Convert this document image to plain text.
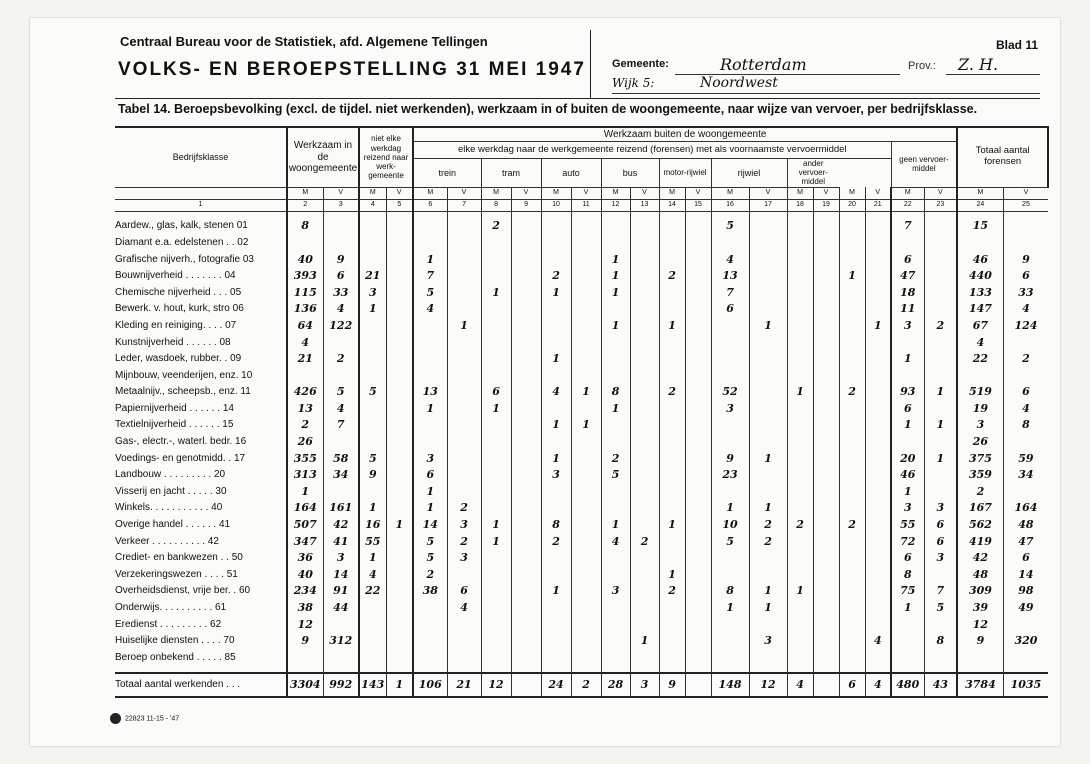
Centraal Bureau voor de Statistiek, afd. Algemene Tellingen
VOLKS- EN BEROEPSTELLING 31 MEI 1947
Blad 11
Gemeente:	Rotterdam	Prov.: Z. H.
Wijk 5:	Noordwest
Tabel 14. Beroepsbevolking (excl. de tijdel. niet werkenden), werkzaam in of buiten de woongemeente, naar wijze van vervoer, per bedrijfsklasse.
Bedrijfsklasse	Werkzaam in de woongemeente		niet elke werkdag reizend naar werk-gemeente		Werkzaam buiten de woongemeente																		Totaal aantal forensen	
					elke werkdag naar de werkgemeente reizend (forensen) met als voornaamste vervoermiddel																geen vervoer-middel				
					trein		tram		auto		bus		motor-rijwiel		rijwiel		ander vervoer-middel								
	M	V	M	V	M	V	M	V	M	V	M	V	M	V	M	V	M	V	M	V	M	V	M	V	
1	2	3	4	5	6	7	8	9	10	11	12	13	14	15	16	17	18	19	20	21	22	23	24	25	

Aardew., glas, kalk, stenen 01	8						2								5						7		15		
Diamant e.a. edelstenen . . 02																									
Grafische nijverh., fotografie 03	40	9			1						1				4						6		46	9	
Bouwnijverheid . . . . . . . 04	393	6	21		7				2		1		2		13				1		47		440	6	
Chemische nijverheid . . . 05	115	33	3		5		1		1		1				7						18		133	33	
Bewerk. v. hout, kurk, stro 06	136	4	1		4										6						11		147	4	
Kleding en reiniging. . . . 07	64	122				1					1		1			1				1	3	2	67	124	
Kunstnijverheid . . . . . . 08	4																						4		
Leder, wasdoek, rubber. . 09	21	2							1												1		22	2	
Mijnbouw, veenderijen, enz. 10																									
Metaalnijv., scheepsb., enz. 11	426	5	5		13		6		4	1	8		2		52		1		2		93	1	519	6	
Papiernijverheid . . . . . . 14	13	4			1		1				1				3						6		19	4	
Textielnijverheid . . . . . . 15	2	7							1	1											1	1	3	8	
Gas-, electr.-, waterl. bedr. 16	26																						26		
Voedings- en genotmidd. . 17	355	58	5		3				1		2				9	1					20	1	375	59	
Landbouw . . . . . . . . . 20	313	34	9		6				3		5				23						46		359	34	
Visserij en jacht . . . . . 30	1				1																1		2		
Winkels. . . . . . . . . . . 40	164	161	1		1	2									1	1					3	3	167	164	
Overige handel . . . . . . 41	507	42	16	1	14	3	1		8		1		1		10	2	2		2		55	6	562	48	
Verkeer . . . . . . . . . . 42	347	41	55		5	2	1		2		4	2			5	2					72	6	419	47	
Crediet- en bankwezen . . 50	36	3	1		5	3															6	3	42	6	
Verzekeringswezen . . . . 51	40	14	4		2								1								8		48	14	
Overheidsdienst, vrije ber. . 60	234	91	22		38	6			1		3		2		8	1	1				75	7	309	98	
Onderwijs. . . . . . . . . . 61	38	44				4									1	1					1	5	39	49	
Eredienst . . . . . . . . . 62	12																						12		
Huiselijke diensten . . . . 70	9	312										1				3				4		8	9	320	
Beroep onbekend . . . . . 85																									

Totaal aantal werkenden . . .	3304	992	143	1	106	21	12		24	2	28	3	9		148	12	4		6	4	480	43	3784	1035	
22823 11-15 - '47
